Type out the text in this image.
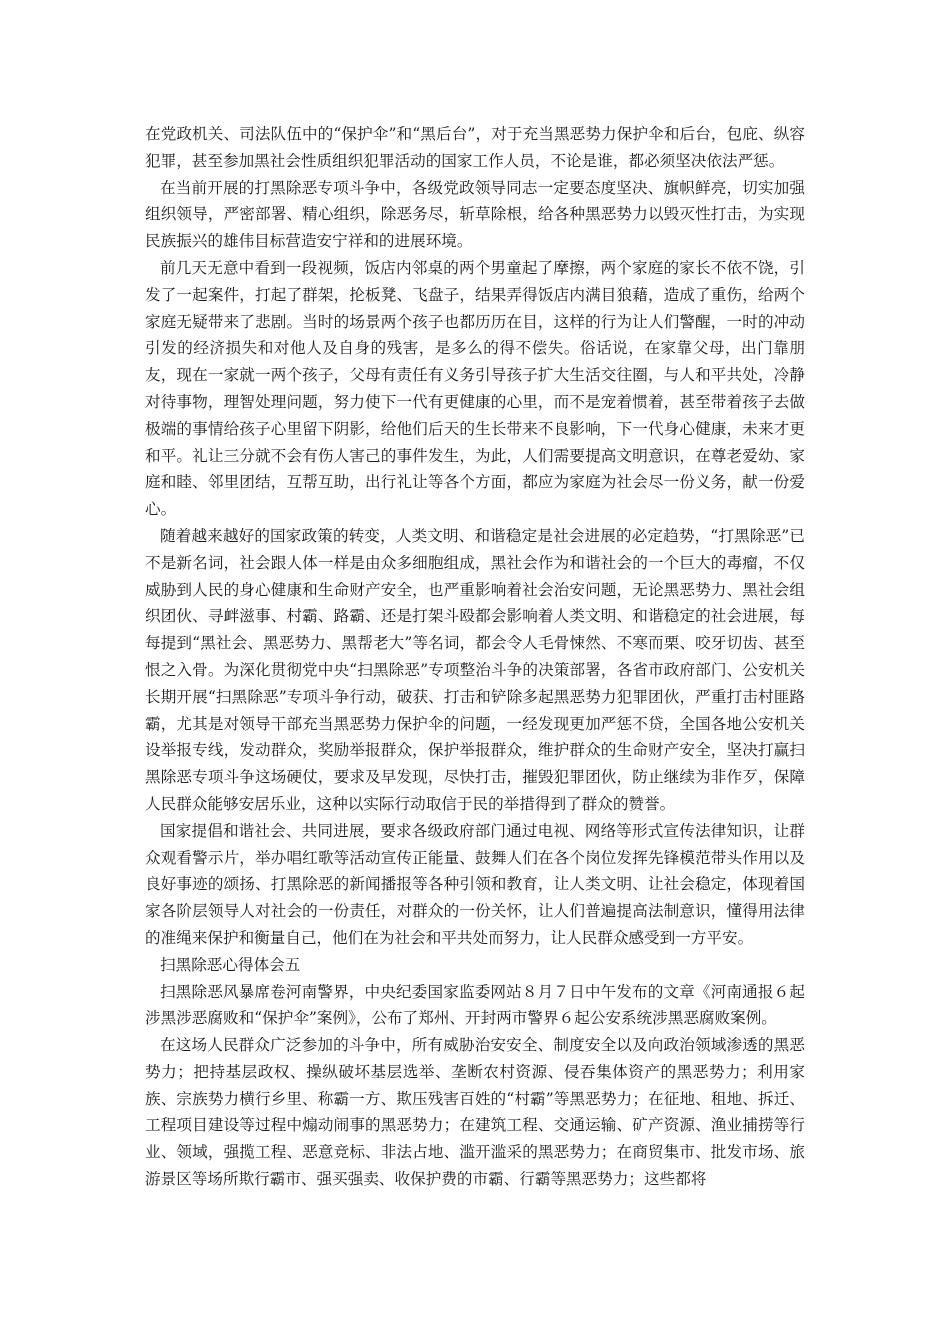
在党政机关、司法队伍中的“保护伞”和“黑后台”，对于充当黑恶势力保护伞和后台，包庇、纵容犯罪，甚至参加黑社会性质组织犯罪活动的国家工作人员，不论是谁，都必须坚决依法严惩。

在当前开展的打黑除恶专项斗争中，各级党政领导同志一定要态度坚决、旗帜鲜亮，切实加强组织领导，严密部署、精心组织，除恶务尽，斩草除根，给各种黑恶势力以毁灭性打击，为实现民族振兴的雄伟目标营造安宁祥和的进展环境。

前几天无意中看到一段视频，饭店内邻桌的两个男童起了摩擦，两个家庭的家长不依不饶，引发了一起案件，打起了群架，抡板凳、飞盘子，结果弄得饭店内满目狼藉，造成了重伤，给两个家庭无疑带来了悲剧。当时的场景两个孩子也都历历在目，这样的行为让人们警醒，一时的冲动引发的经济损失和对他人及自身的残害，是多么的得不偿失。俗话说，在家靠父母，出门靠朋友，现在一家就一两个孩子，父母有责任有义务引导孩子扩大生活交往圈，与人和平共处，冷静对待事物，理智处理问题，努力使下一代有更健康的心里，而不是宠着惯着，甚至带着孩子去做极端的事情给孩子心里留下阴影，给他们后天的生长带来不良影响，下一代身心健康，未来才更和平。礼让三分就不会有伤人害己的事件发生，为此，人们需要提高文明意识，在尊老爱幼、家庭和睦、邻里团结，互帮互助，出行礼让等各个方面，都应为家庭为社会尽一份义务，献一份爱心。

随着越来越好的国家政策的转变，人类文明、和谐稳定是社会进展的必定趋势，“打黑除恶”已不是新名词，社会跟人体一样是由众多细胞组成，黑社会作为和谐社会的一个巨大的毒瘤，不仅威胁到人民的身心健康和生命财产安全，也严重影响着社会治安问题，无论黑恶势力、黑社会组织团伙、寻衅滋事、村霸、路霸、还是打架斗殴都会影响着人类文明、和谐稳定的社会进展，每每提到“黑社会、黑恶势力、黑帮老大”等名词，都会令人毛骨悚然、不寒而栗、咬牙切齿、甚至恨之入骨。为深化贯彻党中央“扫黑除恶”专项整治斗争的决策部署，各省市政府部门、公安机关长期开展“扫黑除恶”专项斗争行动，破获、打击和铲除多起黑恶势力犯罪团伙，严重打击村匪路霸，尤其是对领导干部充当黑恶势力保护伞的问题，一经发现更加严惩不贷，全国各地公安机关设举报专线，发动群众，奖励举报群众，保护举报群众，维护群众的生命财产安全，坚决打赢扫黑除恶专项斗争这场硬仗，要求及早发现，尽快打击，摧毁犯罪团伙，防止继续为非作歹，保障人民群众能够安居乐业，这种以实际行动取信于民的举措得到了群众的赞誉。

国家提倡和谐社会、共同进展，要求各级政府部门通过电视、网络等形式宣传法律知识，让群众观看警示片，举办唱红歌等活动宣传正能量、鼓舞人们在各个岗位发挥先锋模范带头作用以及良好事迹的颂扬、打黑除恶的新闻播报等各种引领和教育，让人类文明、让社会稳定，体现着国家各阶层领导人对社会的一份责任，对群众的一份关怀，让人们普遍提高法制意识，懂得用法律的准绳来保护和衡量自己，他们在为社会和平共处而努力，让人民群众感受到一方平安。

扫黑除恶心得体会五

扫黑除恶风暴席卷河南警界，中央纪委国家监委网站８月７日中午发布的文章《河南通报６起涉黑涉恶腐败和“保护伞”案例》，公布了郑州、开封两市警界６起公安系统涉黑恶腐败案例。

在这场人民群众广泛参加的斗争中，所有威胁治安安全、制度安全以及向政治领域渗透的黑恶势力；把持基层政权、操纵破坏基层选举、垄断农村资源、侵吞集体资产的黑恶势力；利用家族、宗族势力横行乡里、称霸一方、欺压残害百姓的“村霸”等黑恶势力；在征地、租地、拆迁、工程项目建设等过程中煽动闹事的黑恶势力；在建筑工程、交通运输、矿产资源、渔业捕捞等行业、领域，强揽工程、恶意竞标、非法占地、滥开滥采的黑恶势力；在商贸集市、批发市场、旅游景区等场所欺行霸市、强买强卖、收保护费的市霸、行霸等黑恶势力；这些都将
